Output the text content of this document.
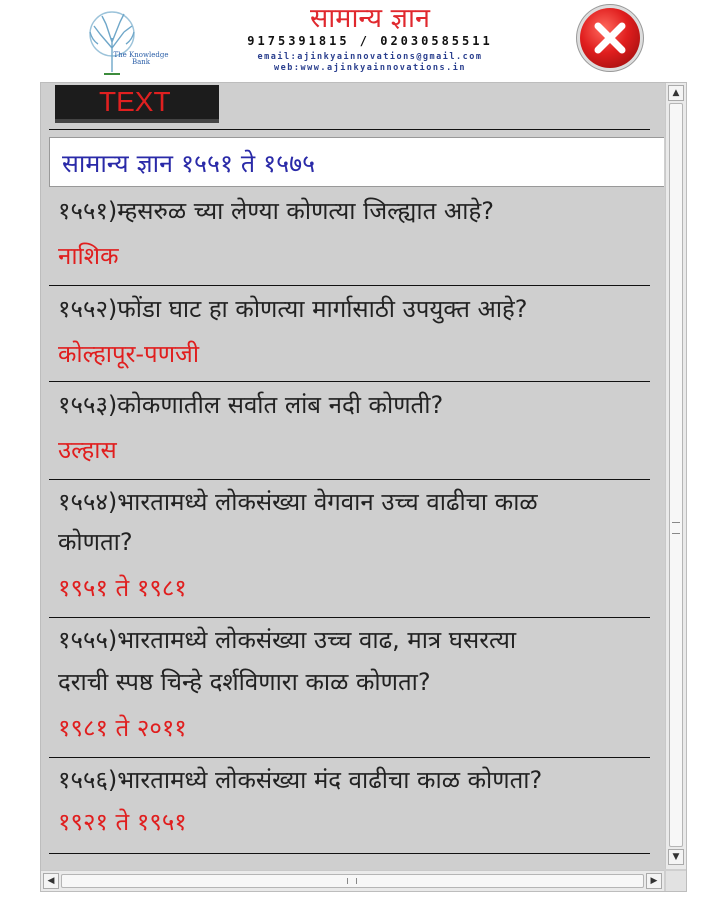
The Knowledge Bank
सामान्य ज्ञान
9175391815 / 02030585511
email:ajinkyainnovations@gmail.com
web:www.ajinkyainnovations.in
TEXT
सामान्य ज्ञान १५५१ ते १५७५
१५५१)म्हसरुळ च्या लेण्या कोणत्या जिल्ह्यात आहे?
नाशिक
१५५२)फोंडा घाट हा कोणत्या मार्गासाठी उपयुक्त आहे?
कोल्हापूर-पणजी
१५५३)कोकणातील सर्वात लांब नदी कोणती?
उल्हास
१५५४)भारतामध्ये लोकसंख्या वेगवान उच्च वाढीचा काळ
कोणता?
१९५१ ते १९८१
१५५५)भारतामध्ये लोकसंख्या उच्च वाढ, मात्र घसरत्या
दराची स्पष्ठ चिन्हे दर्शविणारा काळ कोणता?
१९८१ ते २०११
१५५६)भारतामध्ये लोकसंख्या मंद वाढीचा काळ कोणता?
१९२१ ते १९५१
▲
▼
◀	▶
